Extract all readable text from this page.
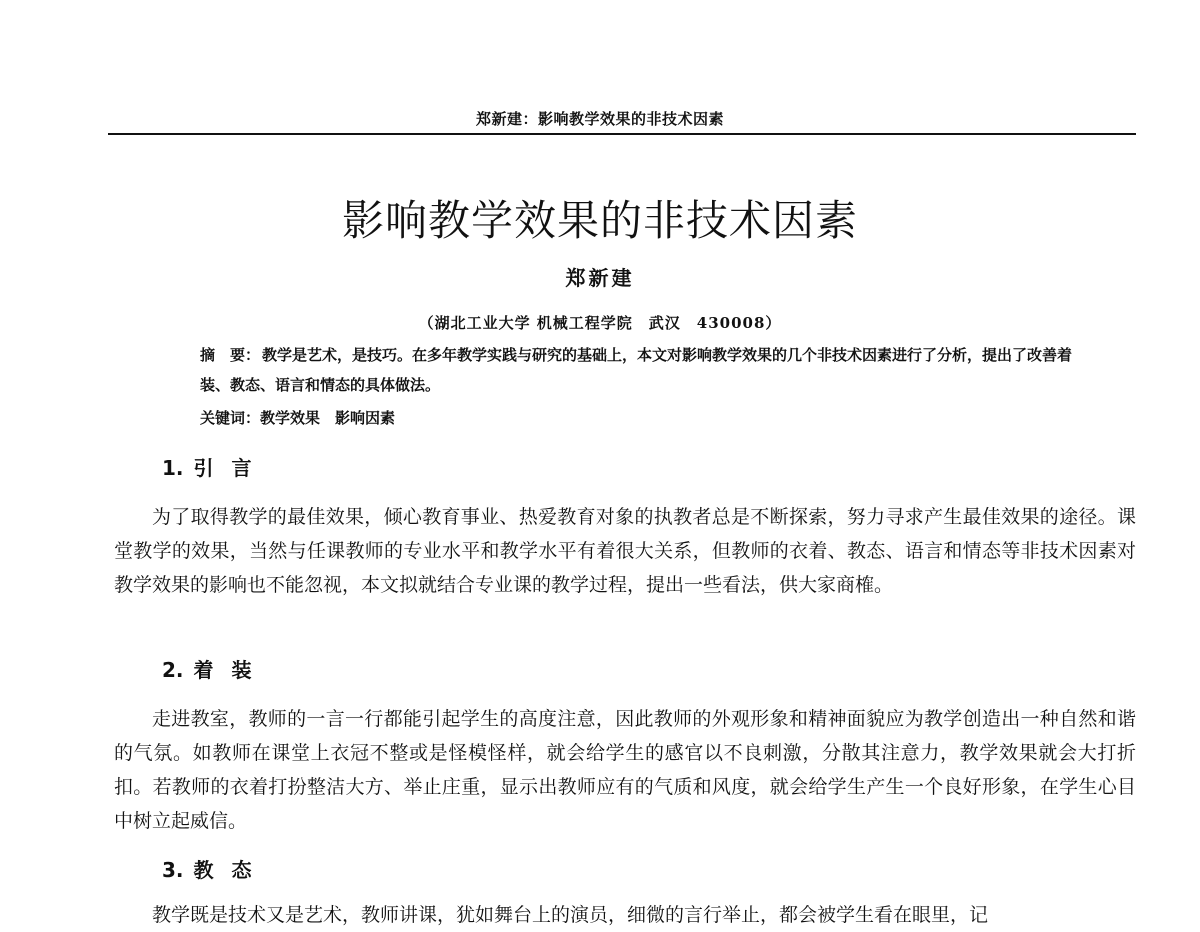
郑新建：影响教学效果的非技术因素
影响教学效果的非技术因素
郑新建
（湖北工业大学 机械工程学院　武汉　430008）
摘　要： 教学是艺术，是技巧。在多年教学实践与研究的基础上，本文对影响教学效果的几个非技术因素进行了分析，提出了改善着装、教态、语言和情态的具体做法。
关键词：教学效果　影响因素
1. 引言
为了取得教学的最佳效果，倾心教育事业、热爱教育对象的执教者总是不断探索，努力寻求产生最佳效果的途径。课堂教学的效果，当然与任课教师的专业水平和教学水平有着很大关系，但教师的衣着、教态、语言和情态等非技术因素对教学效果的影响也不能忽视，本文拟就结合专业课的教学过程，提出一些看法，供大家商榷。
2. 着装
走进教室，教师的一言一行都能引起学生的高度注意，因此教师的外观形象和精神面貌应为教学创造出一种自然和谐的气氛。如教师在课堂上衣冠不整或是怪模怪样，就会给学生的感官以不良刺激，分散其注意力，教学效果就会大打折扣。若教师的衣着打扮整洁大方、举止庄重，显示出教师应有的气质和风度，就会给学生产生一个良好形象，在学生心目中树立起威信。
3. 教态
教学既是技术又是艺术，教师讲课，犹如舞台上的演员，细微的言行举止，都会被学生看在眼里，记
